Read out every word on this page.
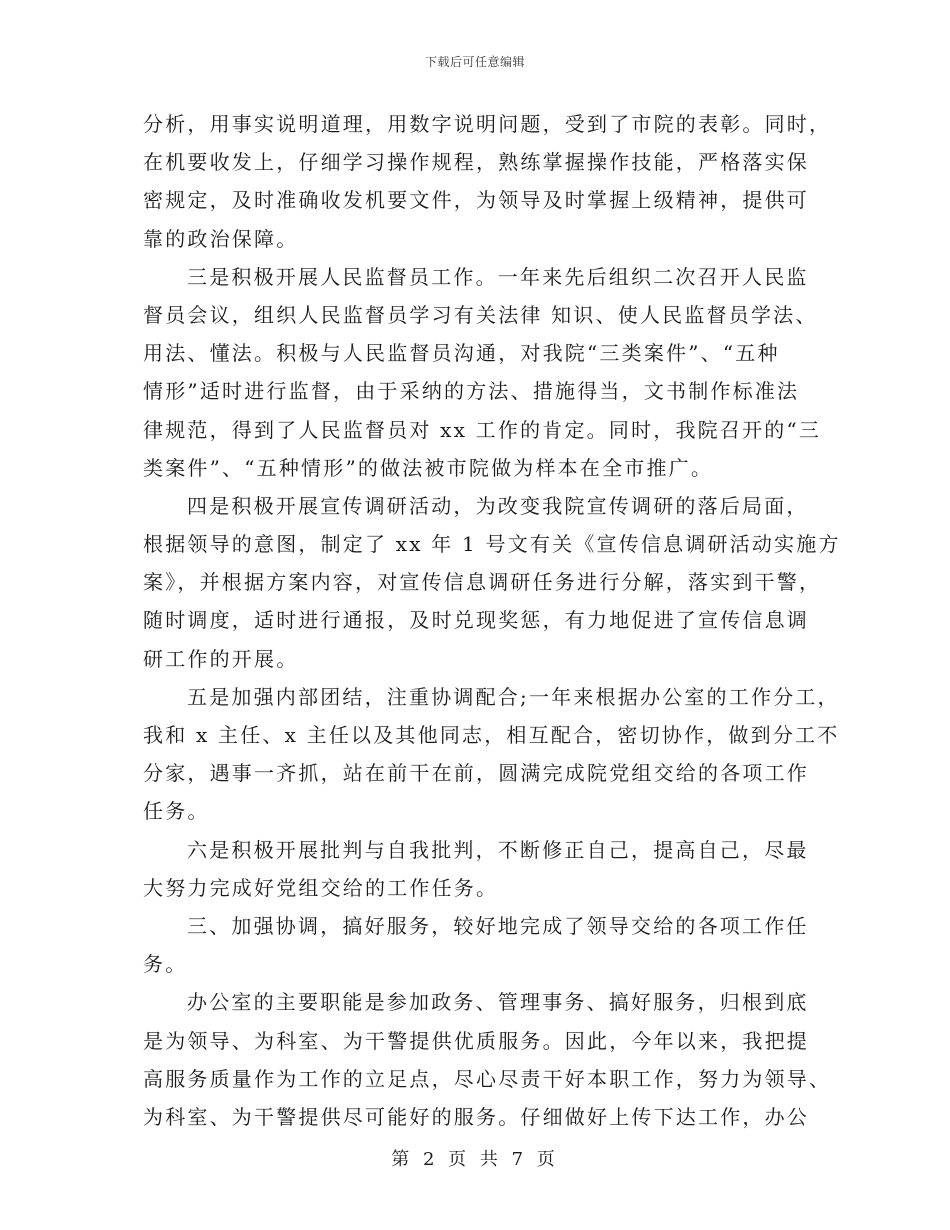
下载后可任意编辑
分析，用事实说明道理，用数字说明问题，受到了市院的表彰。同时，
在机要收发上，仔细学习操作规程，熟练掌握操作技能，严格落实保
密规定，及时准确收发机要文件，为领导及时掌握上级精神，提供可
靠的政治保障。
三是积极开展人民监督员工作。一年来先后组织二次召开人民监
督员会议，组织人民监督员学习有关法律 知识、使人民监督员学法、
用法、懂法。积极与人民监督员沟通，对我院“三类案件”、“五种
情形”适时进行监督，由于采纳的方法、措施得当，文书制作标准法
律规范，得到了人民监督员对 xx 工作的肯定。同时，我院召开的“三
类案件”、“五种情形”的做法被市院做为样本在全市推广。
四是积极开展宣传调研活动，为改变我院宣传调研的落后局面，
根据领导的意图，制定了 xx 年 1 号文有关《宣传信息调研活动实施方
案》，并根据方案内容，对宣传信息调研任务进行分解，落实到干警，
随时调度，适时进行通报，及时兑现奖惩，有力地促进了宣传信息调
研工作的开展。
五是加强内部团结，注重协调配合;一年来根据办公室的工作分工，
我和 x 主任、x 主任以及其他同志，相互配合，密切协作，做到分工不
分家，遇事一齐抓，站在前干在前，圆满完成院党组交给的各项工作
任务。
六是积极开展批判与自我批判，不断修正自己，提高自己，尽最
大努力完成好党组交给的工作任务。
三、加强协调，搞好服务，较好地完成了领导交给的各项工作任
务。
办公室的主要职能是参加政务、管理事务、搞好服务，归根到底
是为领导、为科室、为干警提供优质服务。因此，今年以来，我把提
高服务质量作为工作的立足点，尽心尽责干好本职工作，努力为领导、
为科室、为干警提供尽可能好的服务。仔细做好上传下达工作，办公
第 2 页 共 7 页
